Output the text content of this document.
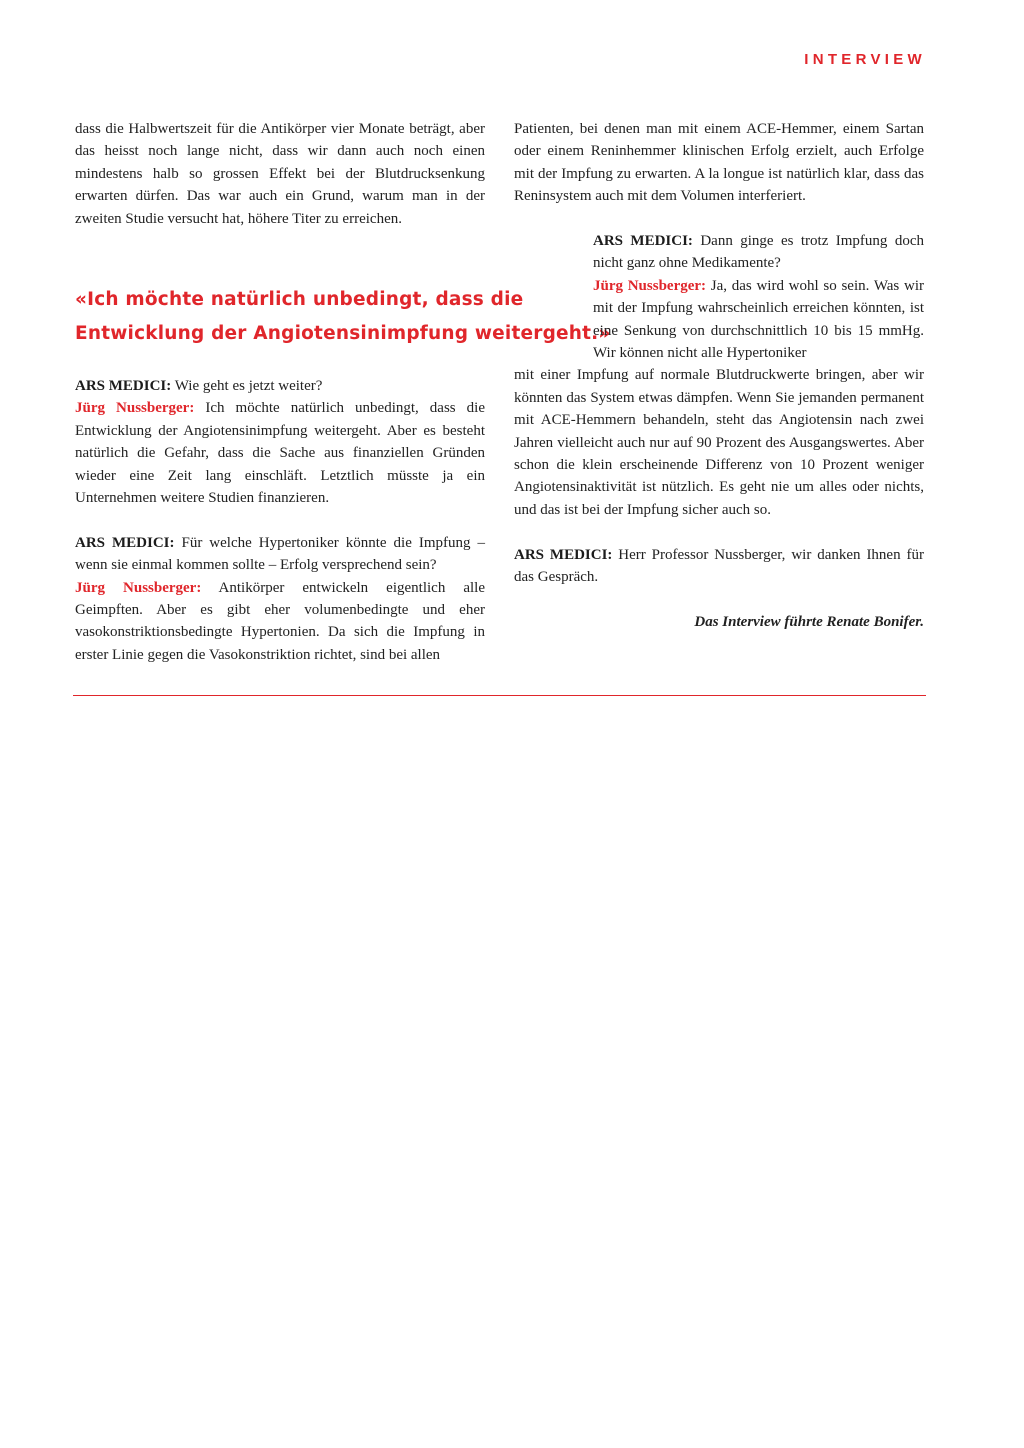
INTERVIEW

«Ich möchte natürlich unbedingt, dass die

Entwicklung der Angiotensinimpfung weitergeht.»

dass die Halbwertszeit für die Antikörper vier Monate beträgt, aber das heisst noch lange nicht, dass wir dann auch noch einen mindestens halb so grossen Effekt bei der Blutdrucksenkung erwarten dürfen. Das war auch ein Grund, warum man in der zweiten Studie versucht hat, höhere Titer zu erreichen.

ARS MEDICI: Wie geht es jetzt weiter?

Jürg Nussberger: Ich möchte natürlich unbedingt, dass die Entwicklung der Angiotensinimpfung weitergeht. Aber es besteht natürlich die Gefahr, dass die Sache aus finanziellen Gründen wieder eine Zeit lang einschläft. Letztlich müsste ja ein Unternehmen weitere Studien finanzieren.

ARS MEDICI: Für welche Hypertoniker könnte die Impfung – wenn sie einmal kommen sollte – Erfolg versprechend sein?

Jürg Nussberger: Antikörper entwickeln eigentlich alle Geimpften. Aber es gibt eher volumenbedingte und eher vasokonstriktionsbedingte Hypertonien. Da sich die Impfung in erster Linie gegen die Vasokonstriktion richtet, sind bei allen

Patienten, bei denen man mit einem ACE-Hemmer, einem Sartan oder einem Reninhemmer klinischen Erfolg erzielt, auch Erfolge mit der Impfung zu erwarten. A la longue ist natürlich klar, dass das Reninsystem auch mit dem Volumen interferiert.

ARS MEDICI: Dann ginge es trotz Impfung doch nicht ganz ohne Medikamente?

Jürg Nussberger: Ja, das wird wohl so sein. Was wir mit der Impfung wahrscheinlich erreichen könnten, ist eine Senkung von durchschnittlich 10 bis 15 mmHg. Wir können nicht alle Hypertoniker

mit einer Impfung auf normale Blutdruckwerte bringen, aber wir könnten das System etwas dämpfen. Wenn Sie jemanden permanent mit ACE-Hemmern behandeln, steht das Angiotensin nach zwei Jahren vielleicht auch nur auf 90 Prozent des Ausgangswertes. Aber schon die klein erscheinende Differenz von 10 Prozent weniger Angiotensinaktivität ist nützlich. Es geht nie um alles oder nichts, und das ist bei der Impfung sicher auch so.

ARS MEDICI: Herr Professor Nussberger, wir danken Ihnen für das Gespräch.

Das Interview führte Renate Bonifer.
